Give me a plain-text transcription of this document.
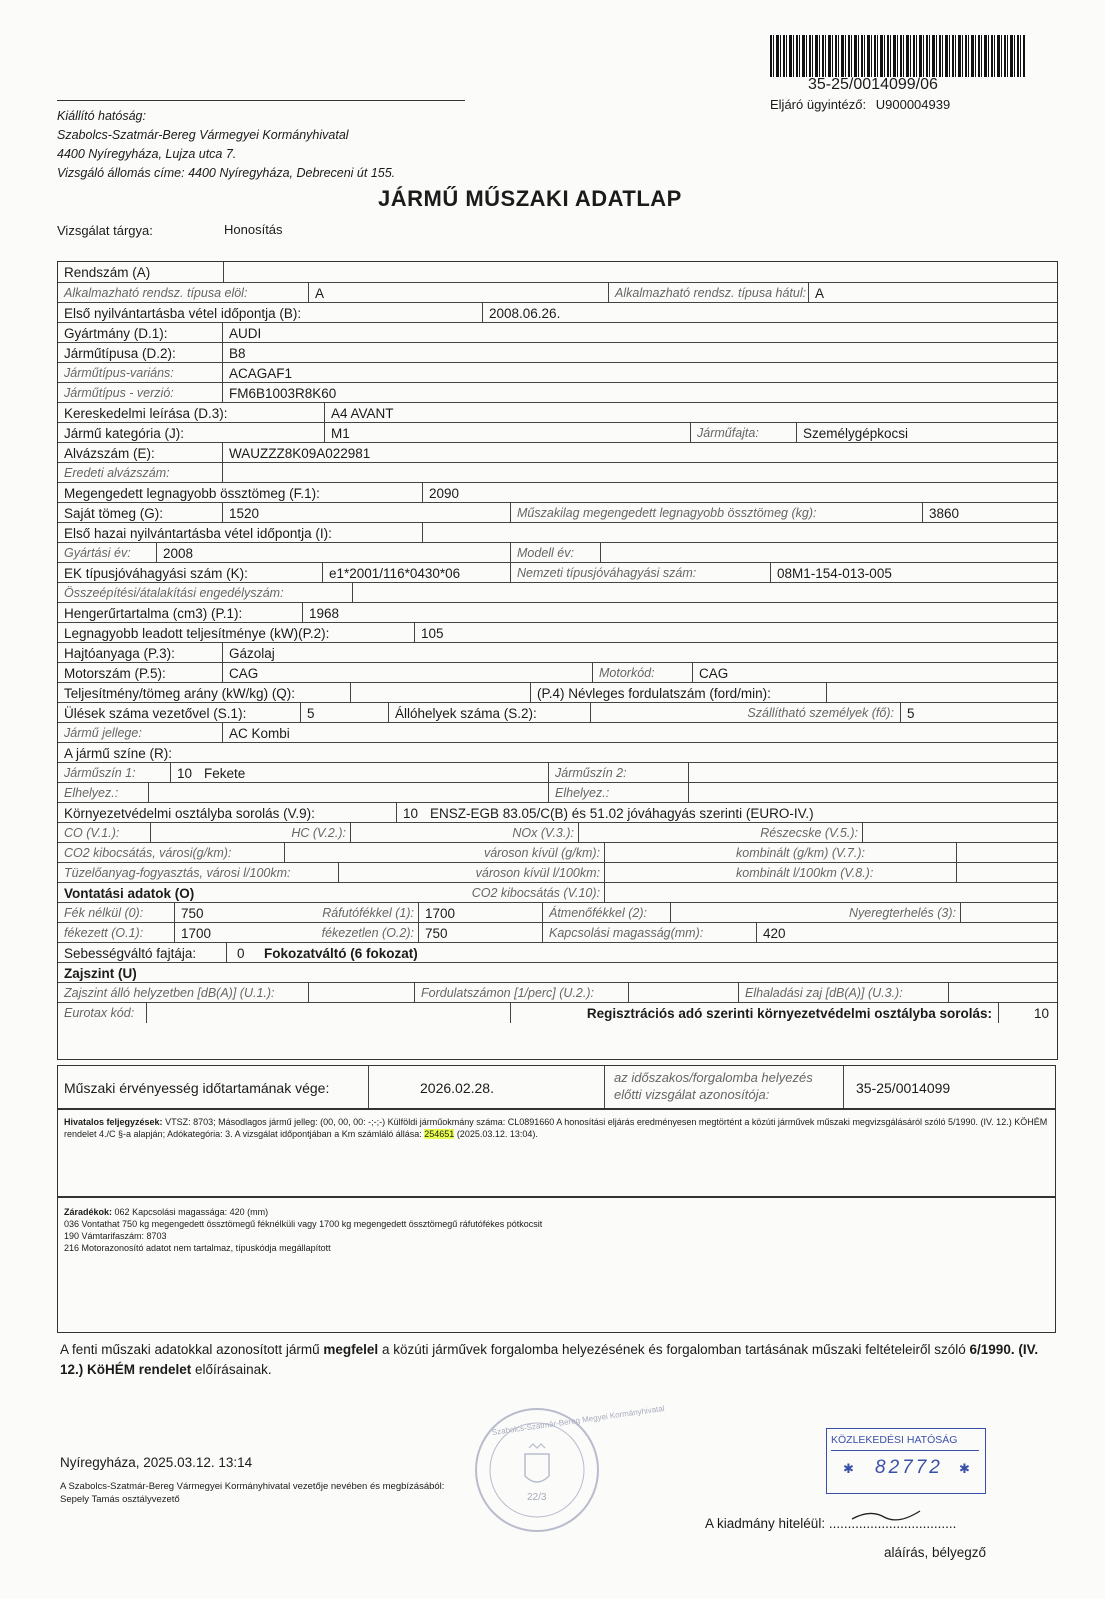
35-25/0014099/06
Eljáró ügyintéző: U900004939
Kiállító hatóság:
Szabolcs-Szatmár-Bereg Vármegyei Kormányhivatal
4400 Nyíregyháza, Lujza utca 7.
Vizsgáló állomás címe: 4400 Nyíregyháza, Debreceni út 155.
JÁRMŰ MŰSZAKI ADATLAP
Vizsgálat tárgya:	Honosítás
Rendszám (A)
Alkalmazható rendsz. típusa elöl:	A	Alkalmazható rendsz. típusa hátul: A
Első nyilvántartásba vétel időpontja (B):	2008.06.26.
Gyártmány (D.1):	AUDI
Járműtípusa (D.2):	B8
Járműtípus-variáns:	ACAGAF1
Járműtípus - verzió:	FM6B1003R8K60
Kereskedelmi leírása (D.3):	A4 AVANT
Jármű kategória (J):	M1	Járműfajta:	Személygépkocsi
Alvázszám (E):	WAUZZZ8K09A022981
Eredeti alvázszám:
Megengedett legnagyobb össztömeg (F.1):	2090
Saját tömeg (G):	1520	Műszakilag megengedett legnagyobb össztömeg (kg):	3860
Első hazai nyilvántartásba vétel időpontja (I):
Gyártási év:	2008	Modell év:
EK típusjóváhagyási szám (K):	e1*2001/116*0430*06	Nemzeti típusjóváhagyási szám:	08M1-154-013-005
Összeépítési/átalakítási engedélyszám:
Hengerűrtartalma (cm3) (P.1):	1968
Legnagyobb leadott teljesítménye (kW)(P.2):	105
Hajtóanyaga (P.3):	Gázolaj
Motorszám (P.5):	CAG	Motorkód:	CAG
Teljesítmény/tömeg arány (kW/kg) (Q):	(P.4) Névleges fordulatszám (ford/min):
Ülések száma vezetővel (S.1):	5	Állóhelyek száma (S.2):	Szállítható személyek (fő): 5
Jármű jellege:	AC Kombi
A jármű színe (R):
Járműszín 1:	10 Fekete	Járműszín 2:
Elhelyez.:	Elhelyez.:
Környezetvédelmi osztályba sorolás (V.9):	10 ENSZ-EGB 83.05/C(B) és 51.02 jóváhagyás szerinti (EURO-IV.)
CO (V.1.):	HC (V.2.):	NOx (V.3.):	Részecske (V.5.):
CO2 kibocsátás, városi(g/km):	városon kívül (g/km):	kombinált (g/km) (V.7.):
Tüzelőanyag-fogyasztás, városi l/100km:	városon kívül l/100km:	kombinált l/100km (V.8.):
Vontatási adatok (O)	CO2 kibocsátás (V.10):
Fék nélkül (0):	750	Ráfutófékkel (1): 1700	Átmenőfékkel (2):	Nyeregterhelés (3):
fékezett (O.1):	1700	fékezetlen (O.2): 750	Kapcsolási magasság(mm):	420
Sebességváltó fajtája:	0	Fokozatváltó (6 fokozat)
Zajszint (U)
Zajszint álló helyzetben [dB(A)] (U.1.):	Fordulatszámon [1/perc] (U.2.):	Elhaladási zaj [dB(A)] (U.3.):
Eurotax kód:	Regisztrációs adó szerinti környezetvédelmi osztályba sorolás:	10
Műszaki érvényesség időtartamának vége:	2026.02.28.
az időszakos/forgalomba helyezés
előtti vizsgálat azonosítója:	35-25/0014099
Hivatalos feljegyzések: VTSZ: 8703; Másodlagos jármű jelleg: (00, 00, 00: -;-;-) Külföldi járműokmány száma: CL0891660 A honosítási eljárás eredményesen megtörtént a közúti járművek műszaki megvizsgálásáról szóló 5/1990. (IV. 12.) KÖHÉM rendelet 4./C §-a alapján; Adókategória: 3. A vizsgálat időpontjában a Km számláló állása: 254651 (2025.03.12. 13:04).
Záradékok: 062 Kapcsolási magassága: 420 (mm)
036 Vontathat 750 kg megengedett össztömegű féknélküli vagy 1700 kg megengedett össztömegű ráfutófékes pótkocsit
190 Vámtarifaszám: 8703
216 Motorazonosító adatot nem tartalmaz, típuskódja megállapított
A fenti műszaki adatokkal azonosított jármű megfelel a közúti járművek forgalomba helyezésének és forgalomban tartásának műszaki feltételeiről szóló 6/1990. (IV. 12.) KöHÉM rendelet előírásainak.
Nyíregyháza, 2025.03.12. 13:14
A Szabolcs-Szatmár-Bereg Vármegyei Kormányhivatal vezetője nevében és megbízásából:
Sepely Tamás osztályvezető
Szabolcs-Szatmár-Bereg Megyei Kormányhivatal
22/3
KÖZLEKEDÉSI HATÓSÁG
✱ 82772 ✱
A kiadmány hiteléül: ..................................
aláírás, bélyegző
